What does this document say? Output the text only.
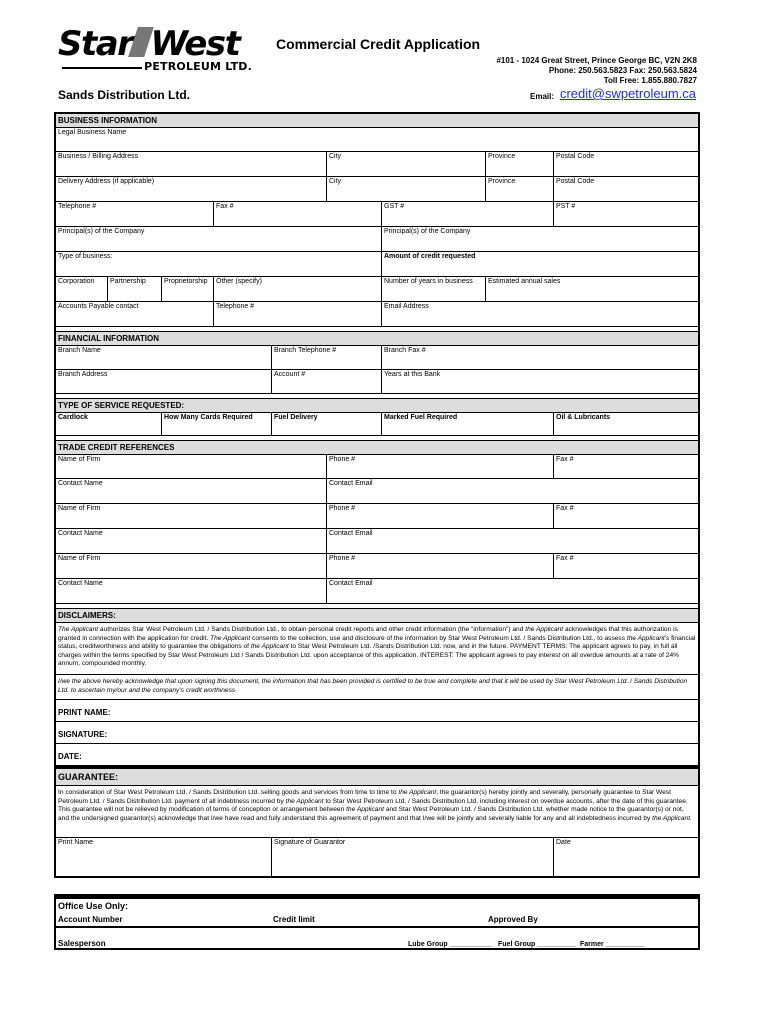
Star West
PETROLEUM LTD.
Commercial Credit Application
#101 - 1024 Great Street, Prince George BC, V2N 2K8
Phone: 250.563.5823 Fax: 250.563.5824
Toll Free: 1.855.880.7827
Sands Distribution Ltd.	Email: credit@swpetroleum.ca
BUSINESS INFORMATION
Legal Business Name
Business / Billing Address	City	Province	Postal Code
Delivery Address (if applicable)	City	Province	Postal Code
Telephone #	Fax #	GST #	PST #
Principal(s) of the Company	Principal(s) of the Company
Type of business:	Amount of credit requested
Corporation	Partnership	Proprietorship	Other (specify)	Number of years in business	Estimated annual sales
Accounts Payable contact	Telephone #	Email Address
FINANCIAL INFORMATION
Branch Name	Branch Telephone #	Branch Fax #
Branch Address	Account #	Years at this Bank
TYPE OF SERVICE REQUESTED:
Cardlock	How Many Cards Required	Fuel Delivery	Marked Fuel Required	Oil & Lubricants
TRADE CREDIT REFERENCES
Name of Firm	Phone #	Fax #
Contact Name	Contact Email
Name of Firm	Phone #	Fax #
Contact Name	Contact Email
Name of Firm	Phone #	Fax #
Contact Name	Contact Email
DISCLAIMERS:
The Applicant authorizes Star West Petroleum Ltd. / Sands Distribution Ltd., to obtain personal credit reports and other credit information (the "information") and the Applicant acknowledges that this authorization is granted in connection with the application for credit. The Applicant consents to the collection, use and disclosure of the information by Star West Petroleum Ltd. / Sands Distribution Ltd., to assess the Applicant's financial status, creditworthiness and ability to guarantee the obligations of the Applicant to Star West Petroleum Ltd. /Sands Distribution Ltd. now, and in the future. PAYMENT TERMS: The applicant agrees to pay, in full all charges within the terms specified by Star West Petroleum Ltd / Sands Distribution Ltd. upon acceptance of this application. INTEREST: The applicant agrees to pay interest on all overdue amounts at a rate of 24% annum, compounded monthly.
I/we the above hereby acknowledge that upon signing this document, the information that has been provided is certified to be true and complete and that it will be used by Star West Petroleum Ltd. / Sands Distribution Ltd. to ascertain my/our and the company's credit worthiness
PRINT NAME:
SIGNATURE:
DATE:
GUARANTEE:
In consideration of Star West Petroleum Ltd. / Sands Distribution Ltd. selling goods and services from time to time to the Applicant, the guarantor(s) hereby jointly and severally, personally guarantee to Star West Petroleum Ltd. / Sands Distribution Ltd. payment of all indebtness incurred by the Applicant to Star West Petroleum Ltd. / Sands Distribution Ltd. including interest on overdue accounts, after the date of this guarantee. This guarantee will not be relieved by modification of terms of conception or arrangement between the Applicant and Star West Petroleum Ltd. / Sands Distribution Ltd. whether made notice to the guarantor(s) or not, and the undersigned guarantor(s) acknowledge that I/we have read and fully understand this agreement of payment and that I/we will be jointly and severally liable for any and all indebtedness incurred by the Applicant.
Print Name	Signature of Guarantor	Date
Office Use Only:
Account Number	Credit limit	Approved By
Salesperson	Lube Group ___________ Fuel Group __________ Farmer __________
